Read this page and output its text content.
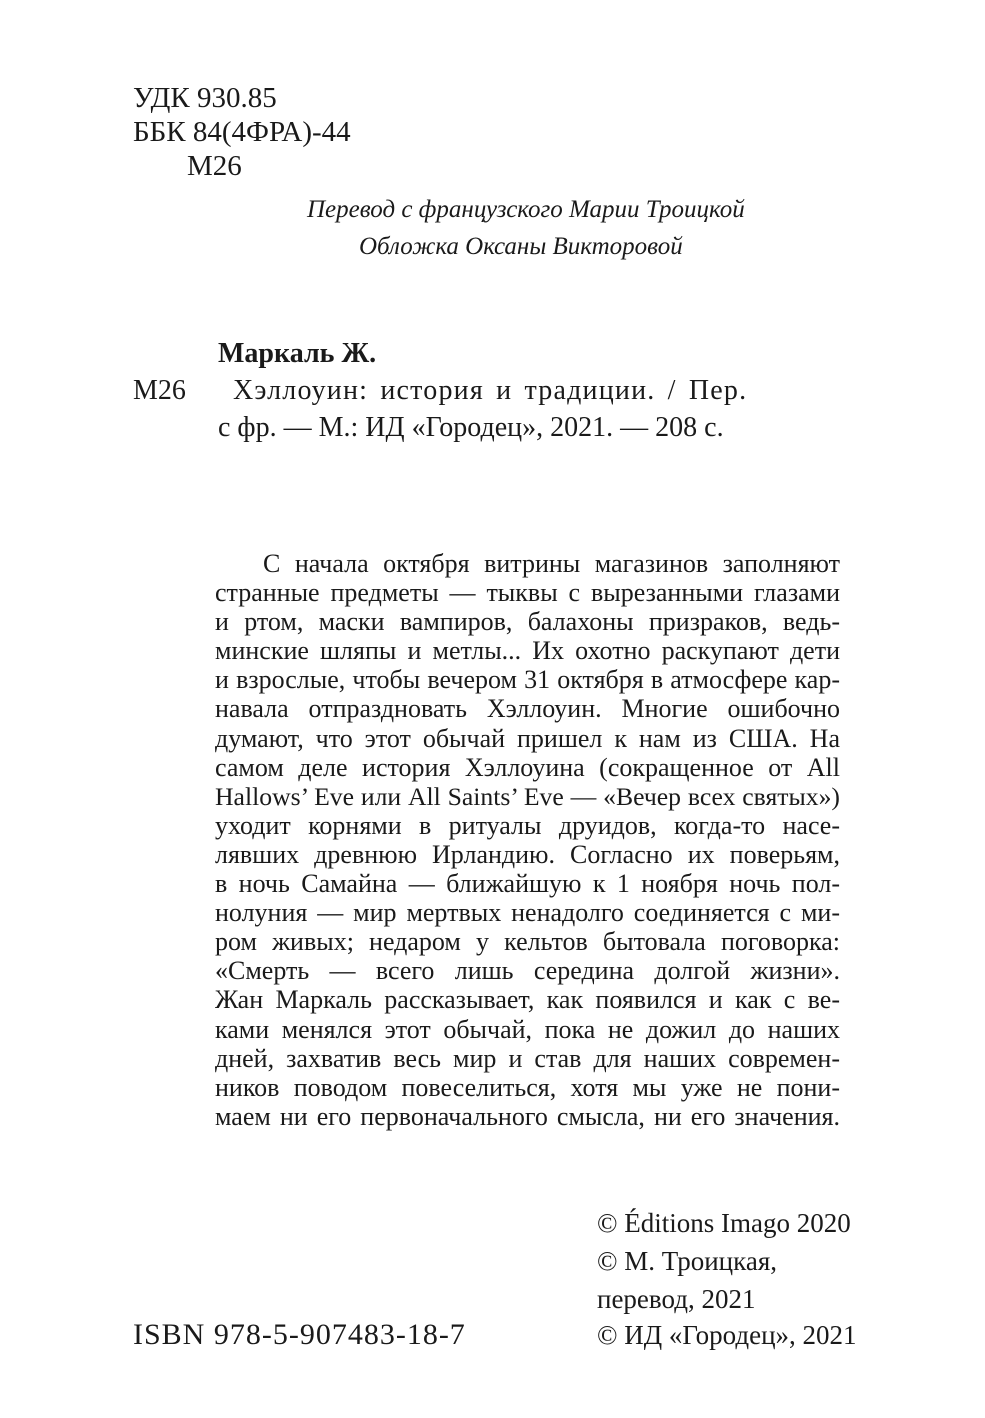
УДК 930.85

ББК 84(4ФРА)-44

М26

Перевод с французского Марии Троицкой

Обложка Оксаны Викторовой

Маркаль Ж.

М26 Хэллоуин: история и традиции. / Пер.

с фр. — М.: ИД «Городец», 2021. — 208 с.

С начала октября витрины магазинов заполняют
странные предметы — тыквы с вырезанными глазами
и ртом, маски вампиров, балахоны призраков, ведь-
минские шляпы и метлы... Их охотно раскупают дети
и взрослые, чтобы вечером 31 октября в атмосфере кар-
навала отпраздновать Хэллоуин. Многие ошибочно
думают, что этот обычай пришел к нам из США. На
самом деле история Хэллоуина (сокращенное от All
Hallows’ Eve или All Saints’ Eve — «Вечер всех святых»)
уходит корнями в ритуалы друидов, когда-то насе-
лявших древнюю Ирландию. Согласно их поверьям,
в ночь Самайна — ближайшую к 1 ноября ночь пол-
нолуния — мир мертвых ненадолго соединяется с ми-
ром живых; недаром у кельтов бытовала поговорка:
«Смерть — всего лишь середина долгой жизни».
Жан Маркаль рассказывает, как появился и как с ве-
ками менялся этот обычай, пока не дожил до наших
дней, захватив весь мир и став для наших современ-
ников поводом повеселиться, хотя мы уже не пони-
маем ни его первоначального смысла, ни его значения.

© Éditions Imago 2020

© М. Троицкая,

перевод, 2021

© ИД «Городец», 2021

ISBN 978-5-907483-18-7
